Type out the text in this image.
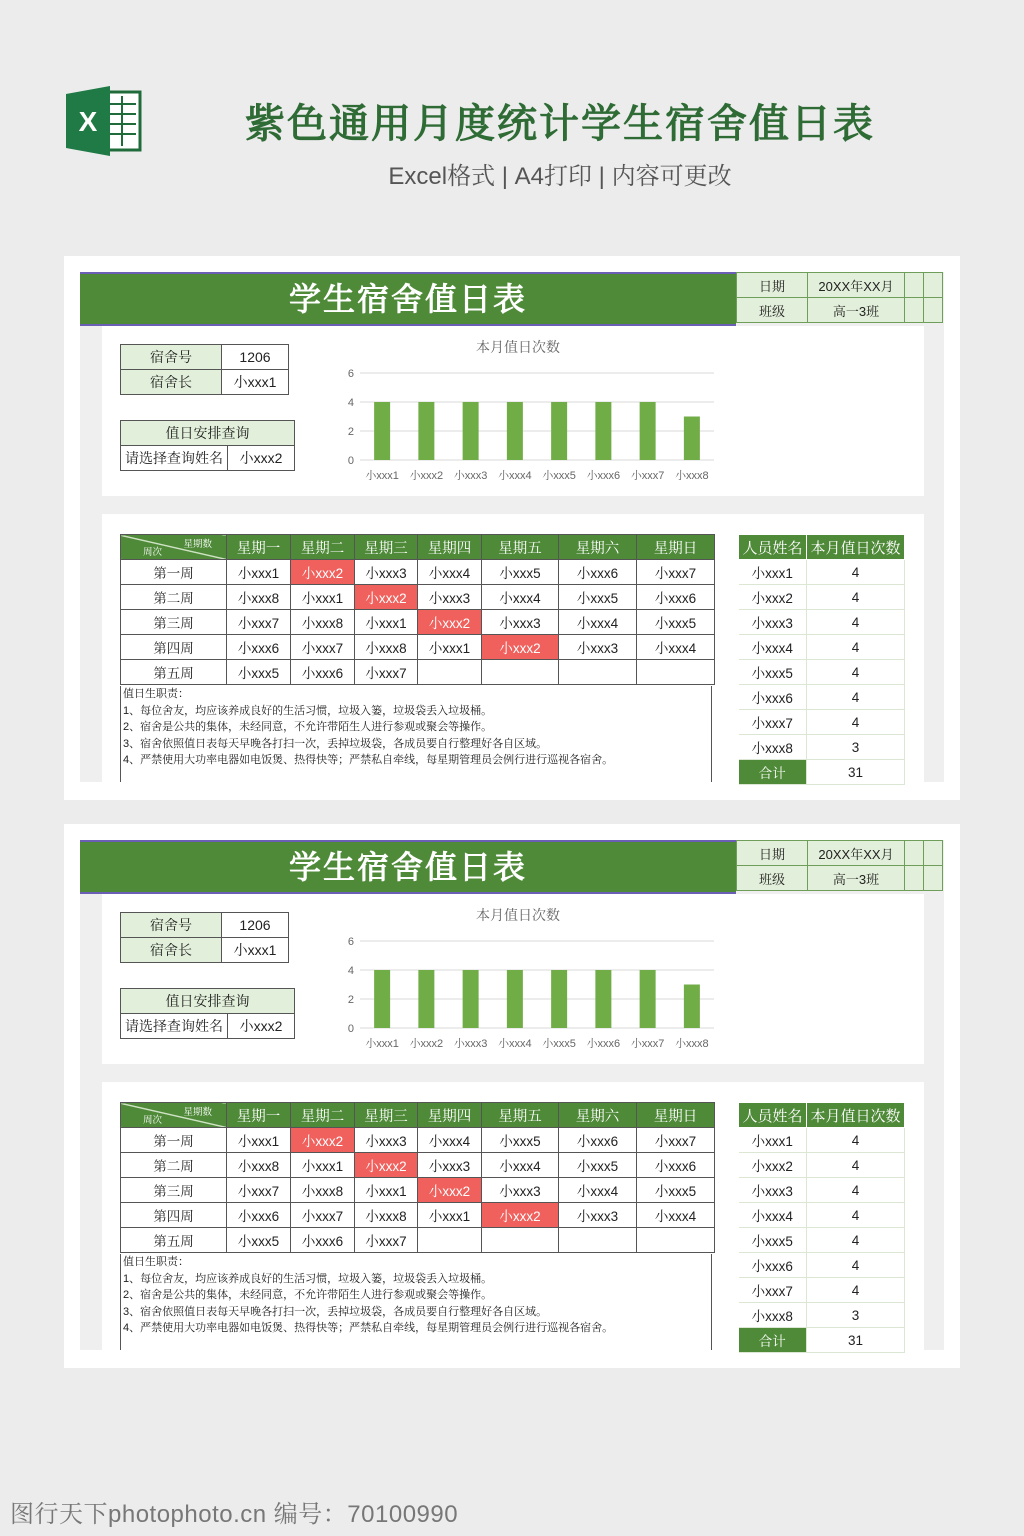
X	紫色通用月度统计学生宿舍值日表
Excel格式 | A4打印 | 内容可更改
学生宿舍值日表	日期	20XX年XX月		
班级	高一3班		
宿舍号	1206
宿舍长	小xxx1
值日安排查询
请选择查询姓名	小xxx2
本月值日次数
0
2
4
6
小xxx1 小xxx2 小xxx3 小xxx4 小xxx5 小xxx6 小xxx7 小xxx8
星期数
周次	星期一	星期二	星期三	星期四	星期五	星期六	星期日
第一周	小xxx1	小xxx2	小xxx3	小xxx4	小xxx5	小xxx6	小xxx7
第二周	小xxx8	小xxx1	小xxx2	小xxx3	小xxx4	小xxx5	小xxx6
第三周	小xxx7	小xxx8	小xxx1	小xxx2	小xxx3	小xxx4	小xxx5
第四周	小xxx6	小xxx7	小xxx8	小xxx1	小xxx2	小xxx3	小xxx4
第五周	小xxx5	小xxx6	小xxx7				
值日生职责：
1、每位舍友，均应该养成良好的生活习惯，垃圾入篓，垃圾袋丢入垃圾桶。
2、宿舍是公共的集体，未经同意，不允许带陌生人进行参观或聚会等操作。
3、宿舍依照值日表每天早晚各打扫一次，丢掉垃圾袋，各成员要自行整理好各自区域。
4、严禁使用大功率电器如电饭煲、热得快等；严禁私自牵线，每星期管理员会例行进行巡视各宿舍。
人员姓名	本月值日次数
小xxx1	4
小xxx2	4
小xxx3	4
小xxx4	4
小xxx5	4
小xxx6	4
小xxx7	4
小xxx8	3
合计	31
学生宿舍值日表	日期	20XX年XX月		
班级	高一3班		
宿舍号	1206
宿舍长	小xxx1
值日安排查询
请选择查询姓名	小xxx2
本月值日次数
0
2
4
6
小xxx1 小xxx2 小xxx3 小xxx4 小xxx5 小xxx6 小xxx7 小xxx8
星期数
周次	星期一	星期二	星期三	星期四	星期五	星期六	星期日
第一周	小xxx1	小xxx2	小xxx3	小xxx4	小xxx5	小xxx6	小xxx7
第二周	小xxx8	小xxx1	小xxx2	小xxx3	小xxx4	小xxx5	小xxx6
第三周	小xxx7	小xxx8	小xxx1	小xxx2	小xxx3	小xxx4	小xxx5
第四周	小xxx6	小xxx7	小xxx8	小xxx1	小xxx2	小xxx3	小xxx4
第五周	小xxx5	小xxx6	小xxx7				
值日生职责：
1、每位舍友，均应该养成良好的生活习惯，垃圾入篓，垃圾袋丢入垃圾桶。
2、宿舍是公共的集体，未经同意，不允许带陌生人进行参观或聚会等操作。
3、宿舍依照值日表每天早晚各打扫一次，丢掉垃圾袋，各成员要自行整理好各自区域。
4、严禁使用大功率电器如电饭煲、热得快等；严禁私自牵线，每星期管理员会例行进行巡视各宿舍。
人员姓名	本月值日次数
小xxx1	4
小xxx2	4
小xxx3	4
小xxx4	4
小xxx5	4
小xxx6	4
小xxx7	4
小xxx8	3
合计	31
图行天下photophoto.cn 编号：70100990
